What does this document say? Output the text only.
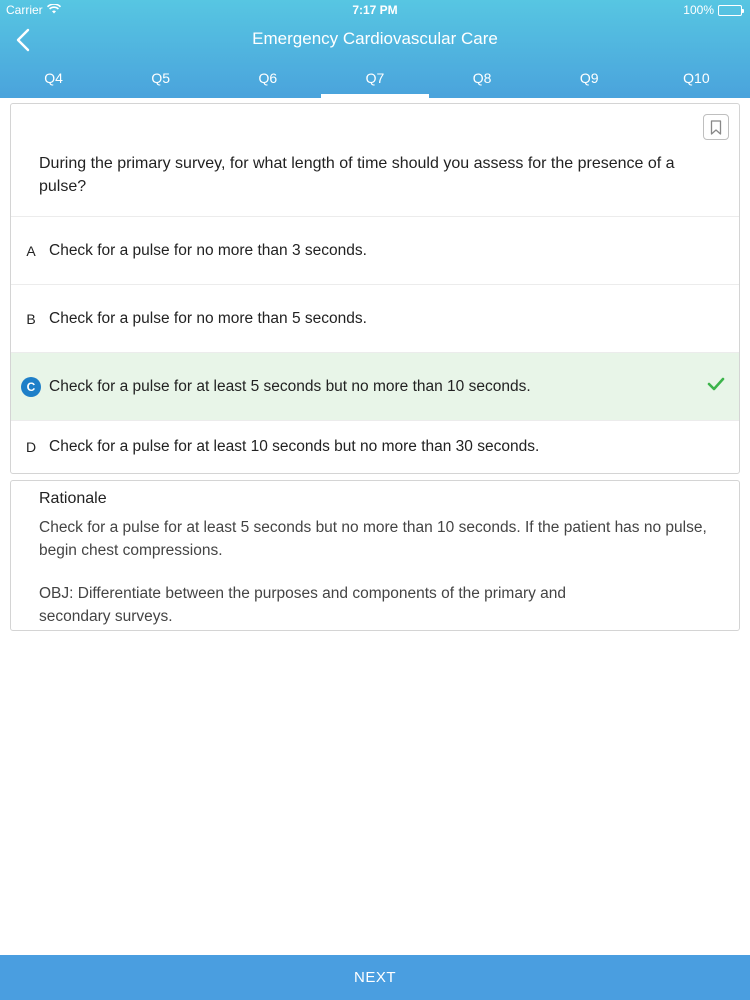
Carrier	7:17 PM	100%
Emergency Cardiovascular Care
Q4	Q5	Q6	Q7	Q8	Q9	Q10
During the primary survey, for what length of time should you assess for the presence of a pulse?
A Check for a pulse for no more than 3 seconds.
B Check for a pulse for no more than 5 seconds.
C Check for a pulse for at least 5 seconds but no more than 10 seconds.
D Check for a pulse for at least 10 seconds but no more than 30 seconds.
Rationale
Check for a pulse for at least 5 seconds but no more than 10 seconds. If the patient has no pulse, begin chest compressions.
OBJ: Differentiate between the purposes and components of the primary and secondary surveys.
NEXT
